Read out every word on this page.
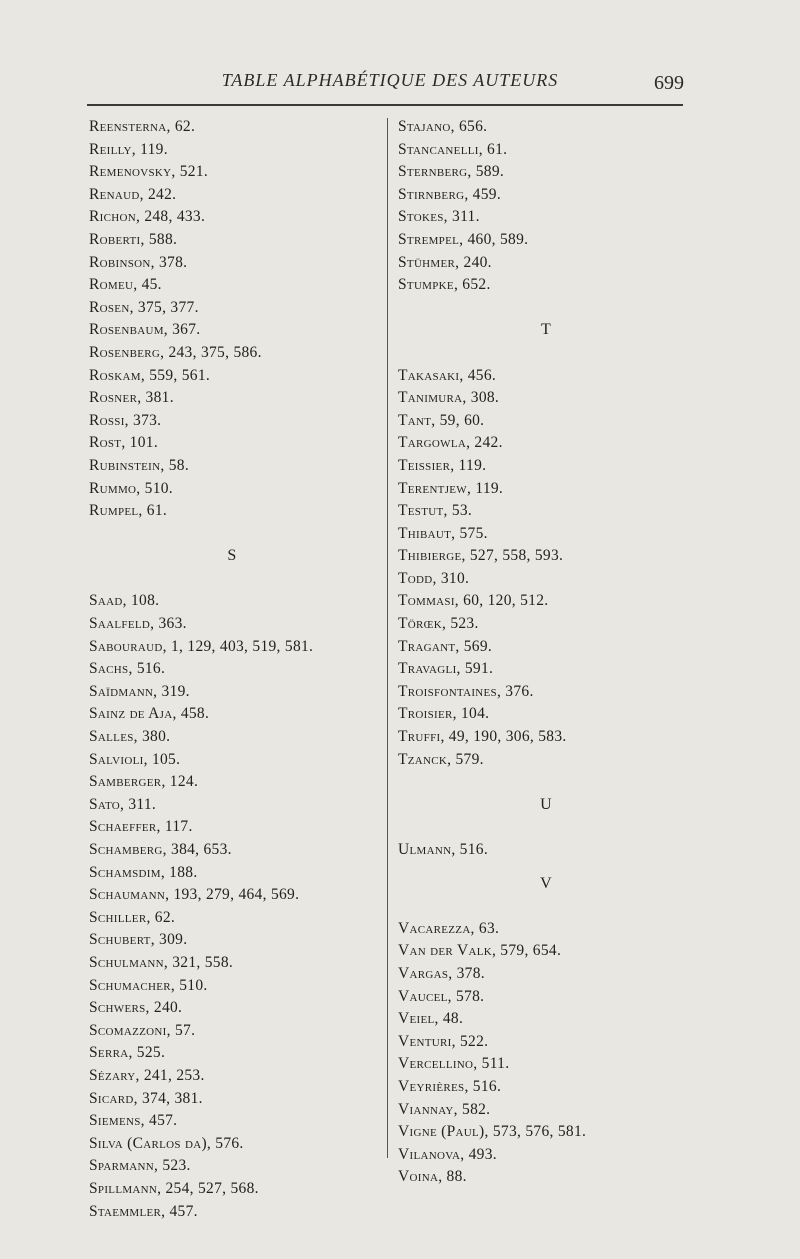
TABLE ALPHABÉTIQUE DES AUTEURS	699
Reensterna, 62.
Reilly, 119.
Remenovsky, 521.
Renaud, 242.
Richon, 248, 433.
Roberti, 588.
Robinson, 378.
Romeu, 45.
Rosen, 375, 377.
Rosenbaum, 367.
Rosenberg, 243, 375, 586.
Roskam, 559, 561.
Rosner, 381.
Rossi, 373.
Rost, 101.
Rubinstein, 58.
Rummo, 510.
Rumpel, 61.
S
Saad, 108.
Saalfeld, 363.
Sabouraud, 1, 129, 403, 519, 581.
Sachs, 516.
Saïdmann, 319.
Sainz de Aja, 458.
Salles, 380.
Salvioli, 105.
Samberger, 124.
Sato, 311.
Schaeffer, 117.
Schamberg, 384, 653.
Schamsdim, 188.
Schaumann, 193, 279, 464, 569.
Schiller, 62.
Schubert, 309.
Schulmann, 321, 558.
Schumacher, 510.
Schwers, 240.
Scomazzoni, 57.
Serra, 525.
Sézary, 241, 253.
Sicard, 374, 381.
Siemens, 457.
Silva (Carlos da), 576.
Sparmann, 523.
Spillmann, 254, 527, 568.
Staemmler, 457.
Stajano, 656.
Stancanelli, 61.
Sternberg, 589.
Stirnberg, 459.
Stokes, 311.
Strempel, 460, 589.
Stühmer, 240.
Stumpke, 652.
T
Takasaki, 456.
Tanimura, 308.
Tant, 59, 60.
Targowla, 242.
Teissier, 119.
Terentjew, 119.
Testut, 53.
Thibaut, 575.
Thibierge, 527, 558, 593.
Todd, 310.
Tommasi, 60, 120, 512.
Törœk, 523.
Tragant, 569.
Travagli, 591.
Troisfontaines, 376.
Troisier, 104.
Truffi, 49, 190, 306, 583.
Tzanck, 579.
U
Ulmann, 516.
V
Vacarezza, 63.
Van der Valk, 579, 654.
Vargas, 378.
Vaucel, 578.
Veiel, 48.
Venturi, 522.
Vercellino, 511.
Veyrières, 516.
Viannay, 582.
Vigne (Paul), 573, 576, 581.
Vilanova, 493.
Voina, 88.
